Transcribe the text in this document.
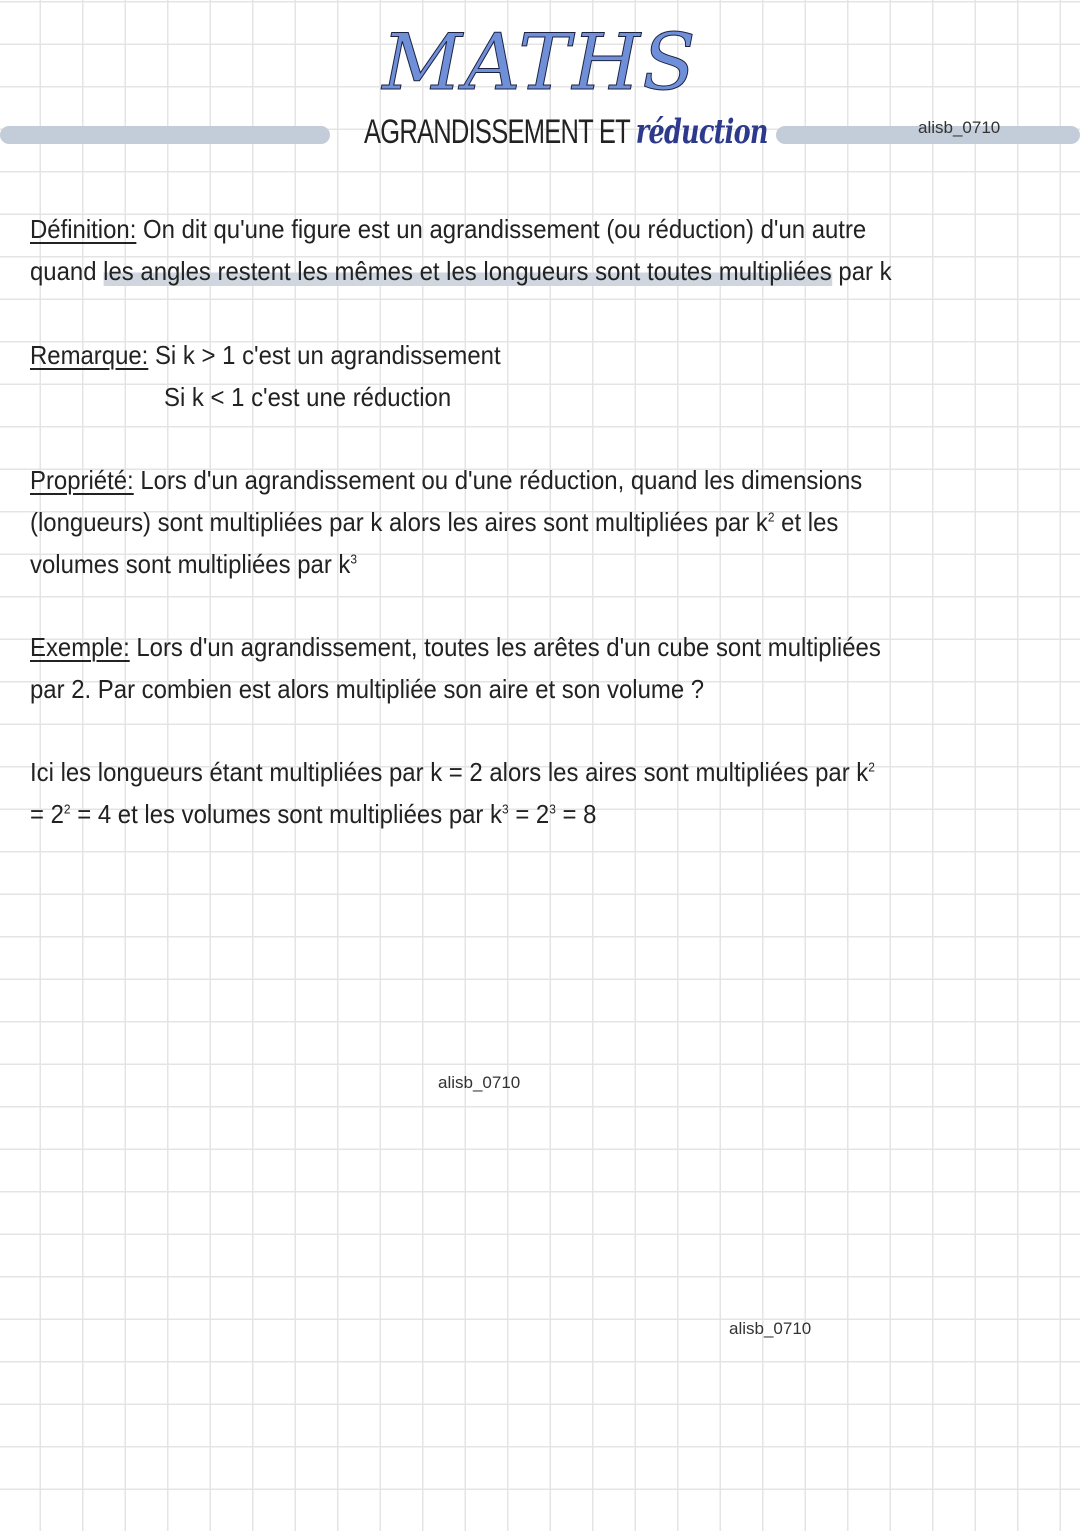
MATHS
AGRANDISSEMENT ET réduction	alisb_0710
Définition: On dit qu'une figure est un agrandissement (ou réduction) d'un autre
quand les angles restent les mêmes et les longueurs sont toutes multipliées par k
Remarque: Si k > 1 c'est un agrandissement
Si k < 1 c'est une réduction
Propriété: Lors d'un agrandissement ou d'une réduction, quand les dimensions
(longueurs) sont multipliées par k alors les aires sont multipliées par $k^2$ et les
volumes sont multipliées par $k^3$
Exemple: Lors d'un agrandissement, toutes les arêtes d'un cube sont multipliées
par 2. Par combien est alors multipliée son aire et son volume ?
Ici les longueurs étant multipliées par k = 2 alors les aires sont multipliées par $k^2$
= $2^2 = 4$ et les volumes sont multipliées par $k^3 = 2^3 = 8$
alisb_0710
alisb_0710
